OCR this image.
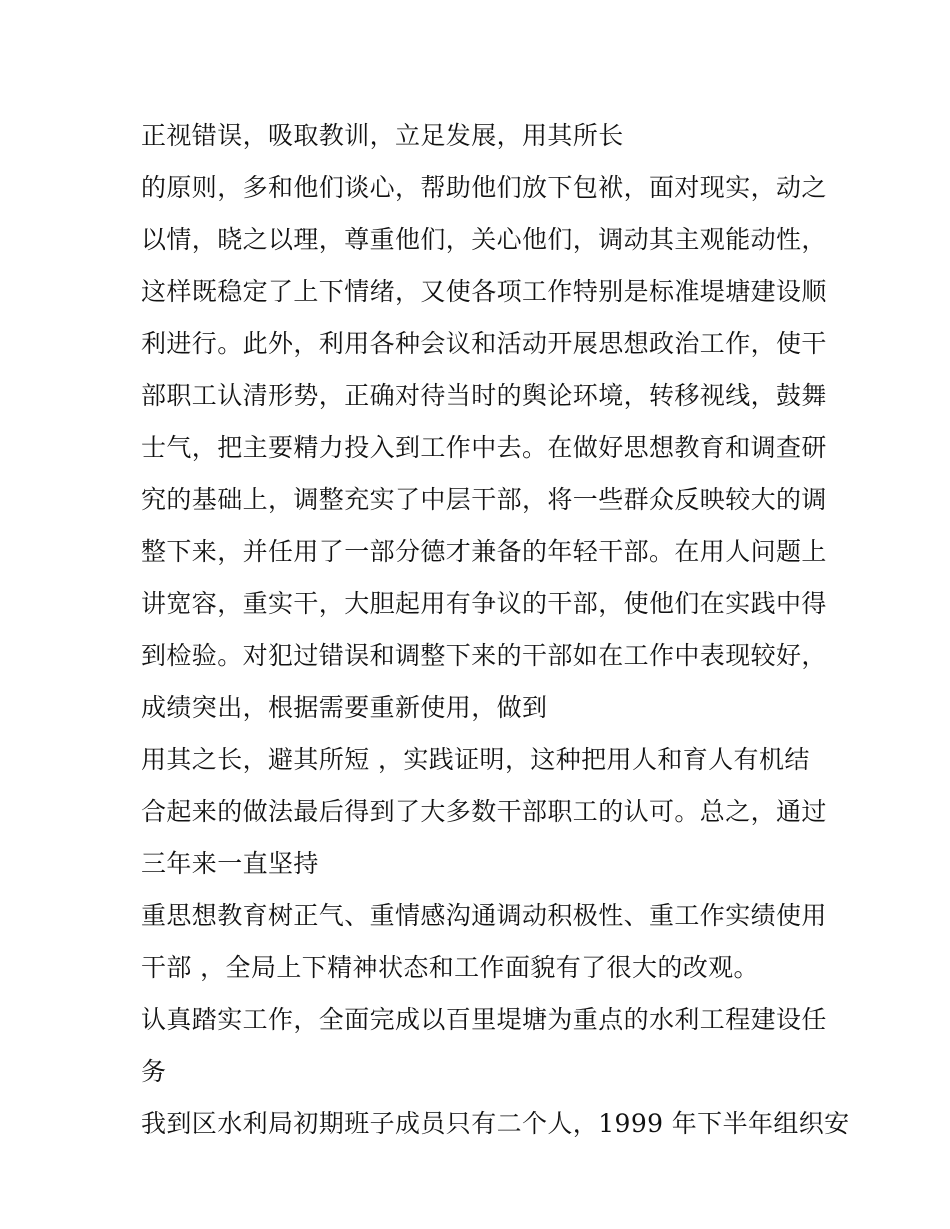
正视错误，吸取教训，立足发展，用其所长
的原则，多和他们谈心，帮助他们放下包袱，面对现实，动之
以情，晓之以理，尊重他们，关心他们，调动其主观能动性，
这样既稳定了上下情绪，又使各项工作特别是标准堤塘建设顺
利进行。此外，利用各种会议和活动开展思想政治工作，使干
部职工认清形势，正确对待当时的舆论环境，转移视线，鼓舞
士气，把主要精力投入到工作中去。在做好思想教育和调查研
究的基础上，调整充实了中层干部，将一些群众反映较大的调
整下来，并任用了一部分德才兼备的年轻干部。在用人问题上
讲宽容，重实干，大胆起用有争议的干部，使他们在实践中得
到检验。对犯过错误和调整下来的干部如在工作中表现较好，
成绩突出，根据需要重新使用，做到
用其之长，避其所短 ，实践证明，这种把用人和育人有机结
合起来的做法最后得到了大多数干部职工的认可。总之，通过
三年来一直坚持
重思想教育树正气、重情感沟通调动积极性、重工作实绩使用
干部 ，全局上下精神状态和工作面貌有了很大的改观。
认真踏实工作，全面完成以百里堤塘为重点的水利工程建设任
务
我到区水利局初期班子成员只有二个人，1999 年下半年组织安
